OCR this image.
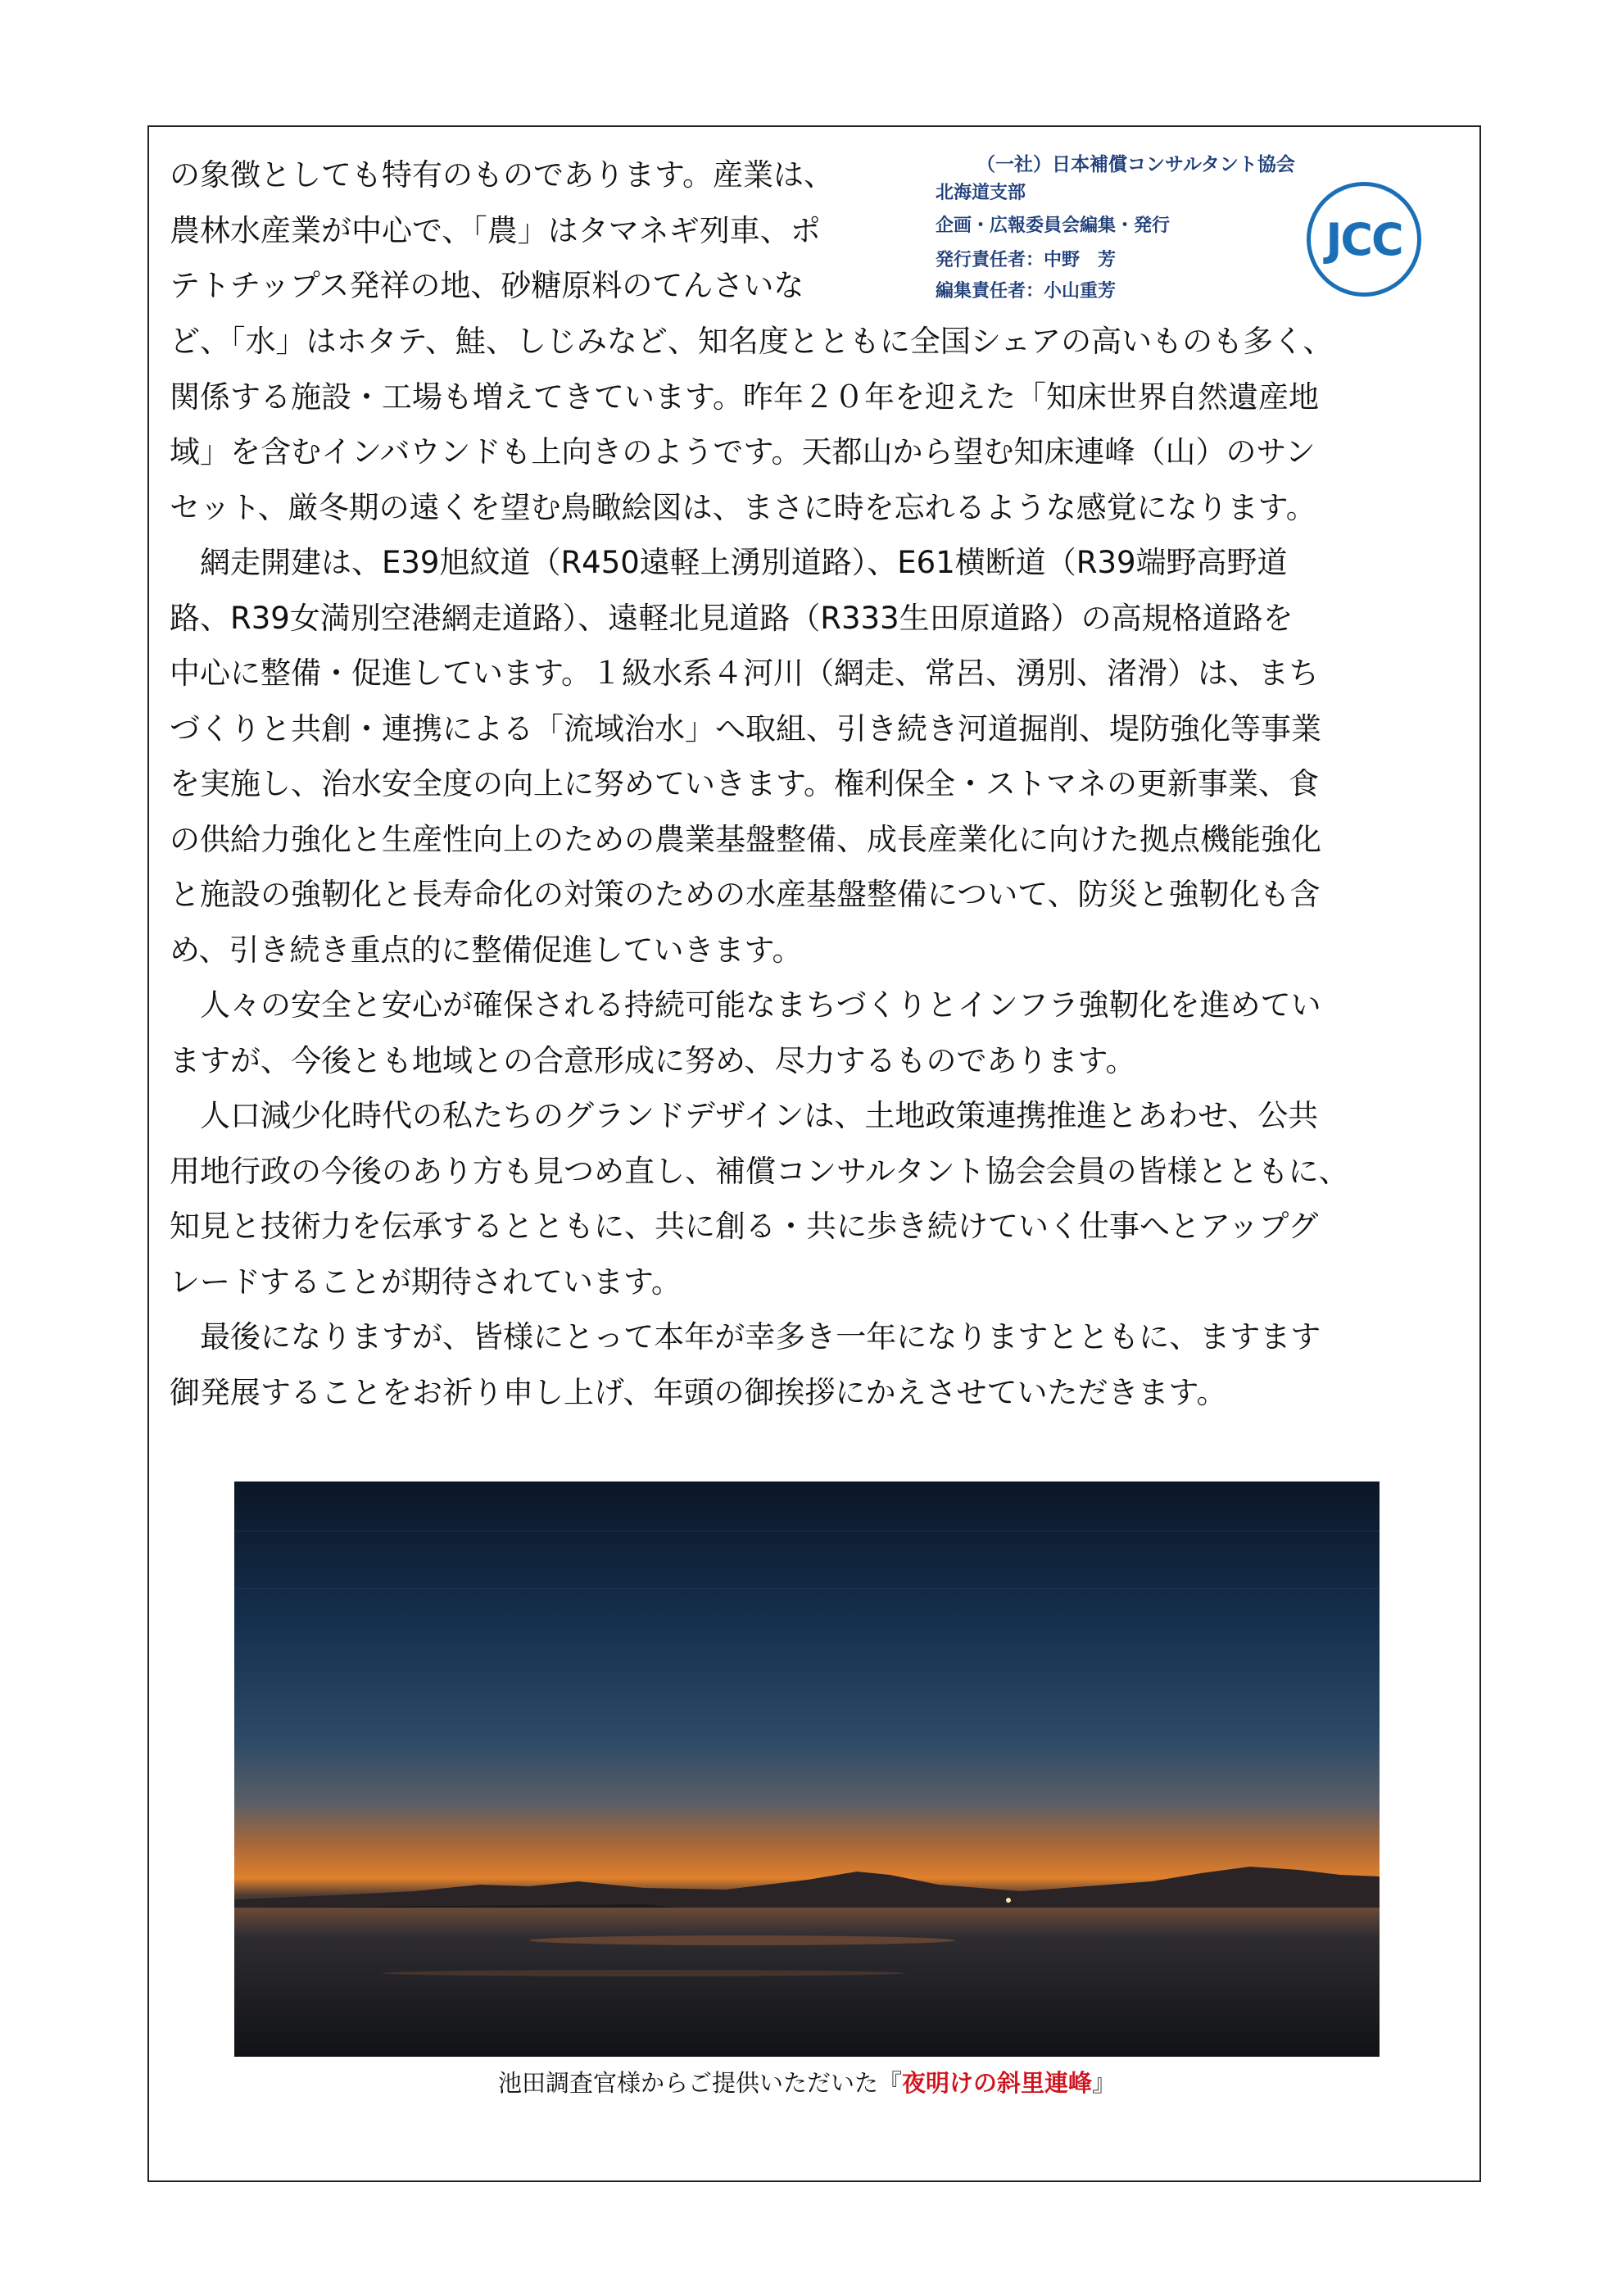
の象徴としても特有のものであります。産業は、
農林水産業が中心で、「農」はタマネギ列車、ポ
テトチップス発祥の地、砂糖原料のてんさいな
（一社）日本補償コンサルタント協会
北海道支部
企画・広報委員会編集・発行
発行責任者：中野　芳
編集責任者：小山重芳
JCC
ど、「水」はホタテ、鮭、しじみなど、知名度とともに全国シェアの高いものも多く、
関係する施設・工場も増えてきています。昨年２０年を迎えた「知床世界自然遺産地
域」を含むインバウンドも上向きのようです。天都山から望む知床連峰（山）のサン
セット、厳冬期の遠くを望む鳥瞰絵図は、まさに時を忘れるような感覚になります。
　網走開建は、E39旭紋道（R450遠軽上湧別道路）、E61横断道（R39端野高野道
路、R39女満別空港網走道路）、遠軽北見道路（R333生田原道路）の高規格道路を
中心に整備・促進しています。１級水系４河川（網走、常呂、湧別、渚滑）は、まち
づくりと共創・連携による「流域治水」へ取組、引き続き河道掘削、堤防強化等事業
を実施し、治水安全度の向上に努めていきます。権利保全・ストマネの更新事業、食
の供給力強化と生産性向上のための農業基盤整備、成長産業化に向けた拠点機能強化
と施設の強靭化と長寿命化の対策のための水産基盤整備について、防災と強靭化も含
め、引き続き重点的に整備促進していきます。
　人々の安全と安心が確保される持続可能なまちづくりとインフラ強靭化を進めてい
ますが、今後とも地域との合意形成に努め、尽力するものであります。
　人口減少化時代の私たちのグランドデザインは、土地政策連携推進とあわせ、公共
用地行政の今後のあり方も見つめ直し、補償コンサルタント協会会員の皆様とともに、
知見と技術力を伝承するとともに、共に創る・共に歩き続けていく仕事へとアップグ
レードすることが期待されています。
　最後になりますが、皆様にとって本年が幸多き一年になりますとともに、ますます
御発展することをお祈り申し上げ、年頭の御挨拶にかえさせていただきます。
池田調査官様からご提供いただいた『夜明けの斜里連峰』
